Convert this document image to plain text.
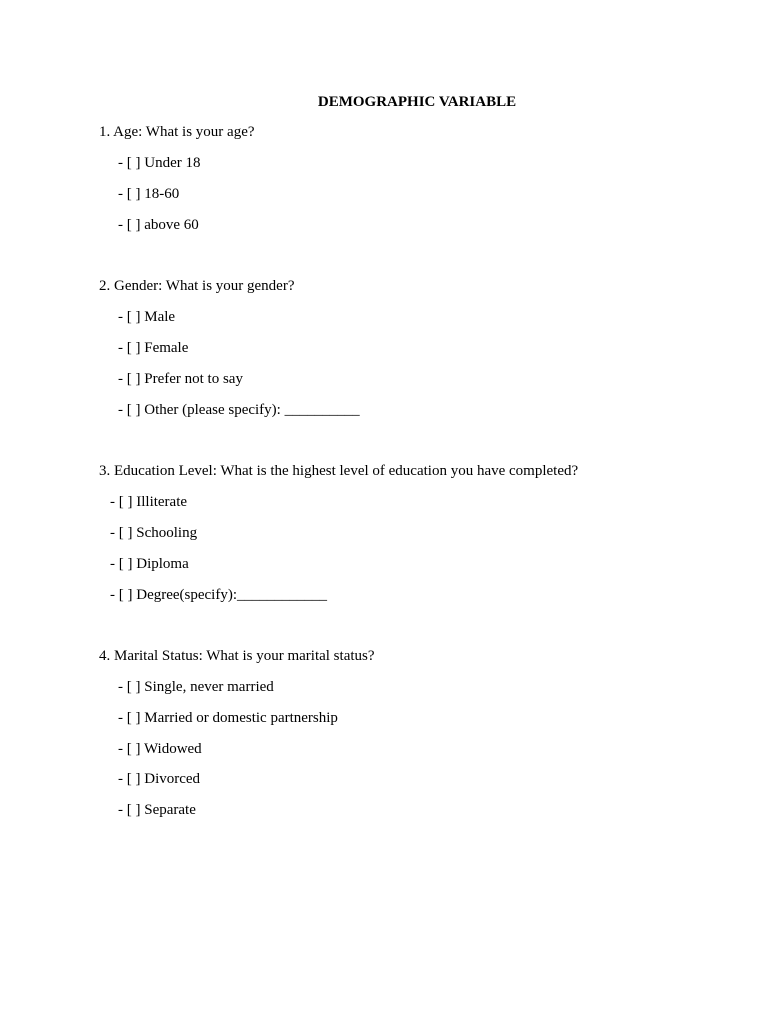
DEMOGRAPHIC VARIABLE
1. Age: What is your age?
- [ ] Under 18
- [ ] 18-60
- [ ] above 60
2. Gender: What is your gender?
- [ ] Male
- [ ] Female
- [ ] Prefer not to say
- [ ] Other (please specify): __________
3. Education Level: What is the highest level of education you have completed?
- [ ] Illiterate
- [ ] Schooling
- [ ] Diploma
- [ ] Degree(specify):____________
4. Marital Status: What is your marital status?
- [ ] Single, never married
- [ ] Married or domestic partnership
- [ ] Widowed
- [ ] Divorced
- [ ] Separate
